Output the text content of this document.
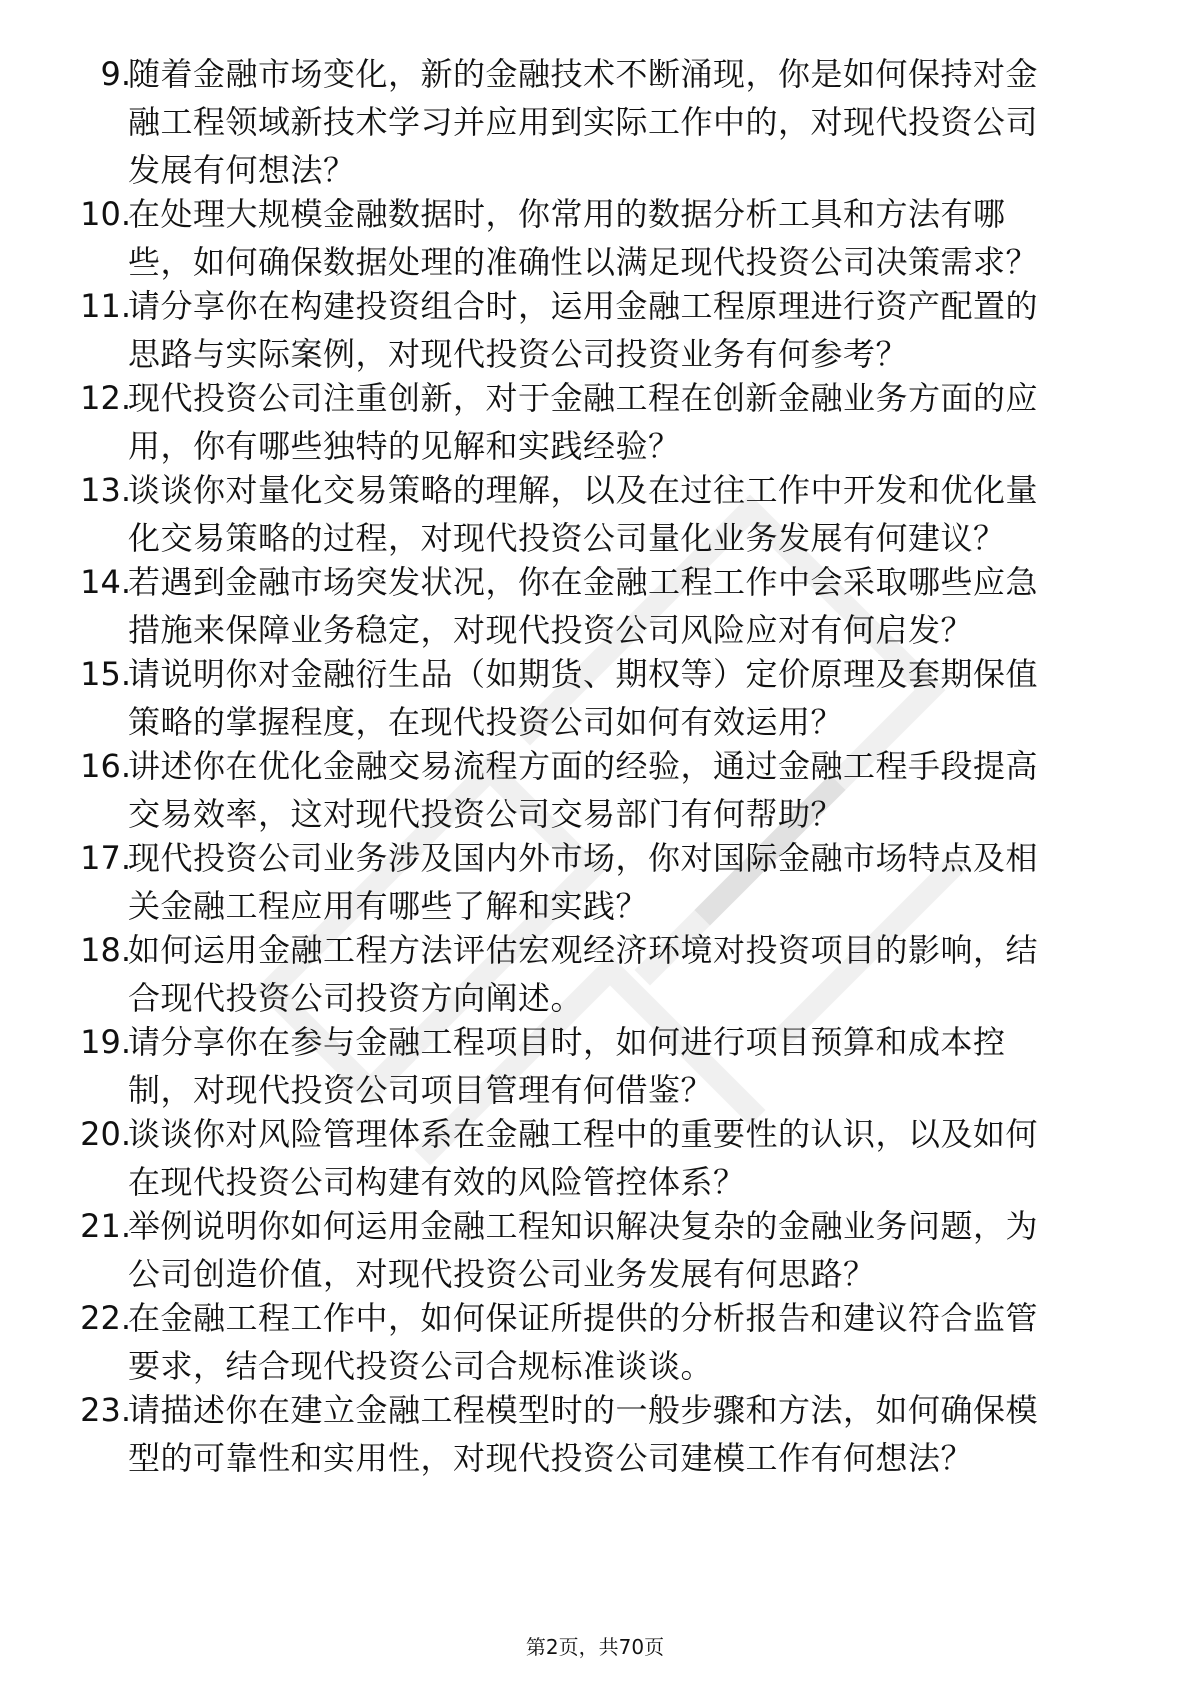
9.
随着金融市场变化，新的金融技术不断涌现，你是如何保持对金
融工程领域新技术学习并应用到实际工作中的，对现代投资公司
发展有何想法？
10.
在处理大规模金融数据时，你常用的数据分析工具和方法有哪
些，如何确保数据处理的准确性以满足现代投资公司决策需求？
11.
请分享你在构建投资组合时，运用金融工程原理进行资产配置的
思路与实际案例，对现代投资公司投资业务有何参考？
12.
现代投资公司注重创新，对于金融工程在创新金融业务方面的应
用，你有哪些独特的见解和实践经验？
13.
谈谈你对量化交易策略的理解，以及在过往工作中开发和优化量
化交易策略的过程，对现代投资公司量化业务发展有何建议？
14.
若遇到金融市场突发状况，你在金融工程工作中会采取哪些应急
措施来保障业务稳定，对现代投资公司风险应对有何启发？
15.
请说明你对金融衍生品（如期货、期权等）定价原理及套期保值
策略的掌握程度，在现代投资公司如何有效运用？
16.
讲述你在优化金融交易流程方面的经验，通过金融工程手段提高
交易效率，这对现代投资公司交易部门有何帮助？
17.
现代投资公司业务涉及国内外市场，你对国际金融市场特点及相
关金融工程应用有哪些了解和实践？
18.
如何运用金融工程方法评估宏观经济环境对投资项目的影响，结
合现代投资公司投资方向阐述。
19.
请分享你在参与金融工程项目时，如何进行项目预算和成本控
制，对现代投资公司项目管理有何借鉴？
20.
谈谈你对风险管理体系在金融工程中的重要性的认识，以及如何
在现代投资公司构建有效的风险管控体系？
21.
举例说明你如何运用金融工程知识解决复杂的金融业务问题，为
公司创造价值，对现代投资公司业务发展有何思路？
22.
在金融工程工作中，如何保证所提供的分析报告和建议符合监管
要求，结合现代投资公司合规标准谈谈。
23.
请描述你在建立金融工程模型时的一般步骤和方法，如何确保模
型的可靠性和实用性，对现代投资公司建模工作有何想法？
第2页，共70页
